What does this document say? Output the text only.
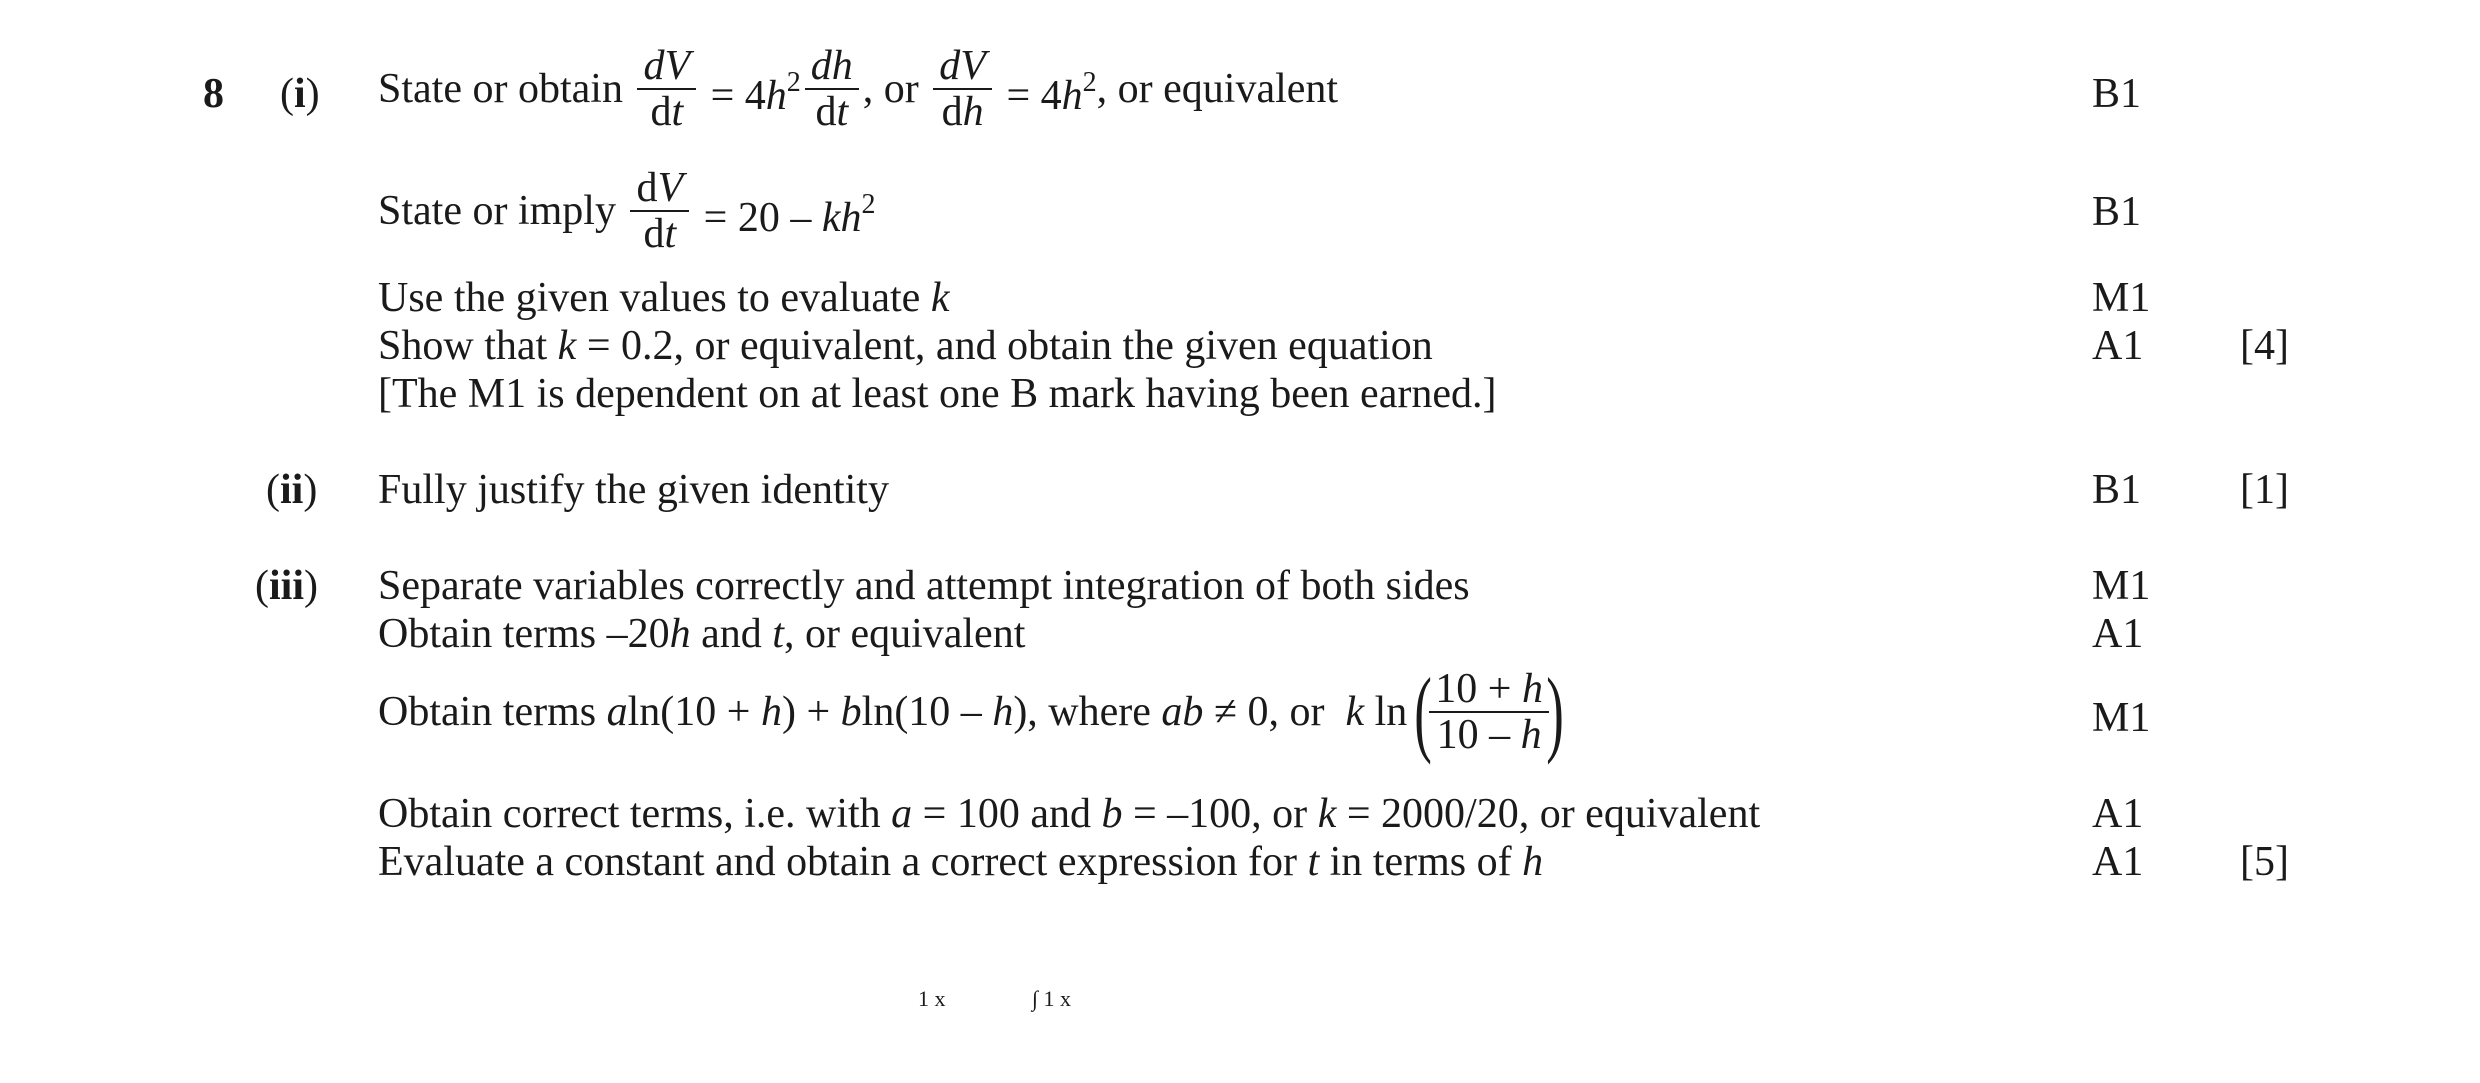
8 (i) State or obtain $\frac{dV}{dt} = 4h^2 \frac{dh}{dt}$ , or $\frac{dV}{dh} = 4h^2$, or equivalent	B1
State or imply $\frac{dV}{dt} = 20 - kh^2$	B1
Use the given values to evaluate k	M1
Show that k = 0.2, or equivalent, and obtain the given equation	A1 [4]
[The M1 is dependent on at least one B mark having been earned.]
(ii) Fully justify the given identity	B1 [1]
(iii) Separate variables correctly and attempt integration of both sides	M1
Obtain terms –20h and t, or equivalent	A1
Obtain terms aln(10 + h) + bln(10 – h), where ab ≠ 0, or  k ln(
$\frac{10 + h}{10 - h}$
)	M1
Obtain correct terms, i.e. with a = 100 and b = –100, or k = 2000/20, or equivalent	A1
Evaluate a constant and obtain a correct expression for t in terms of h	A1 [5]
1 x	∫ 1 x
